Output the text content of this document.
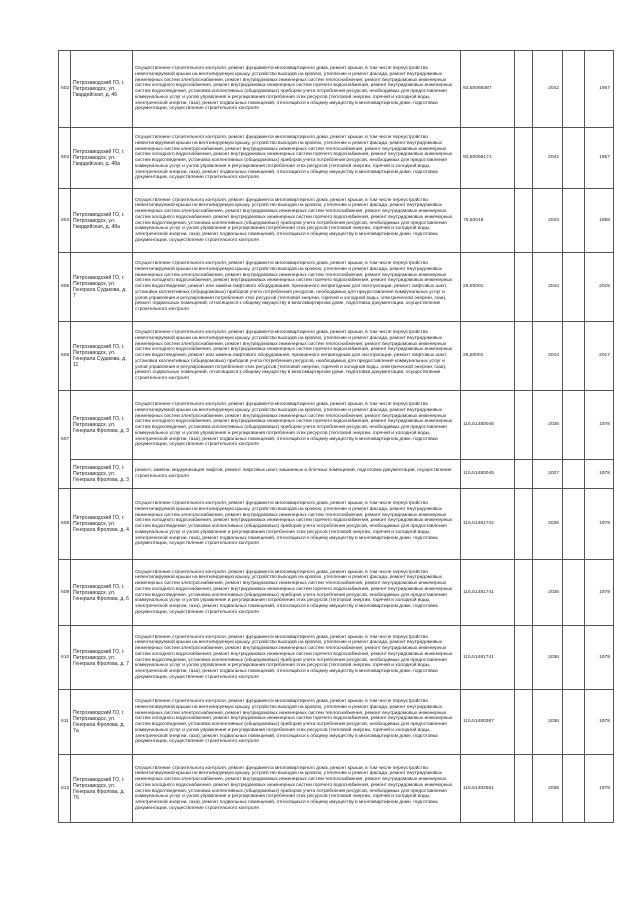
602	Петрозаводский ГО, г. Петрозаводск, ул. Гвардейская, д. 46	Осуществление строительного контроля, ремонт фундамента многоквартирного дома, ремонт крыши, в том числе переустройство невентилируемой крыши на вентилируемую крышу, устройство выходов на кровлю, утепление и ремонт фасада, ремонт внутридомовых инженерных систем электроснабжения, ремонт внутридомовых инженерных систем теплоснабжения, ремонт внутридомовых инженерных систем холодного водоснабжения, ремонт внутридомовых инженерных систем горячего водоснабжения, ремонт внутридомовых инженерных систем водоотведения, установка коллективных (общедомовых) приборов учета потребления ресурсов, необходимых для предоставления коммунальных услуг и узлов управления и регулирования потребления этих ресурсов (тепловой энергии, горячей и холодной воды, электрической энергии, газа), ремонт подвальных помещений, относящихся к общему имуществу в многоквартирном доме, подготовка документации, осуществление строительного контроля	93,50069387		2042		1957
603	Петрозаводский ГО, г. Петрозаводск, ул. Гвардейская, д. 48а	Осуществление строительного контроля, ремонт фундамента многоквартирного дома, ремонт крыши, в том числе переустройство невентилируемой крыши на вентилируемую крышу, устройство выходов на кровлю, утепление и ремонт фасада, ремонт внутридомовых инженерных систем электроснабжения, ремонт внутридомовых инженерных систем теплоснабжения, ремонт внутридомовых инженерных систем холодного водоснабжения, ремонт внутридомовых инженерных систем горячего водоснабжения, ремонт внутридомовых инженерных систем водоотведения, установка коллективных (общедомовых) приборов учета потребления ресурсов, необходимых для предоставления коммунальных услуг и узлов управления и регулирования потребления этих ресурсов (тепловой энергии, горячей и холодной воды, электрической энергии, газа), ремонт подвальных помещений, относящихся к общему имуществу в многоквартирном доме, подготовка документации, осуществление строительного контроля	93,50068171		2042		1957
604	Петрозаводский ГО, г. Петрозаводск, ул. Гвардейская, д. 48а	Осуществление строительного контроля, ремонт фундамента многоквартирного дома, ремонт крыши, в том числе переустройство невентилируемой крыши на вентилируемую крышу, устройство выходов на кровлю, утепление и ремонт фасада, ремонт внутридомовых инженерных систем электроснабжения, ремонт внутридомовых инженерных систем теплоснабжения, ремонт внутридомовых инженерных систем холодного водоснабжения, ремонт внутридомовых инженерных систем горячего водоснабжения, ремонт внутридомовых инженерных систем водоотведения, установка коллективных (общедомовых) приборов учета потребления ресурсов, необходимых для предоставления коммунальных услуг и узлов управления и регулирования потребления этих ресурсов (тепловой энергии, горячей и холодной воды, электрической энергии, газа), ремонт подвальных помещений, относящихся к общему имуществу в многоквартирном доме, подготовка документации, осуществление строительного контроля	75,50018		2043		1958
605	Петрозаводский ГО, г. Петрозаводск, ул. Генерала Судакова, д. 7	Осуществление строительного контроля, ремонт фундамента многоквартирного дома, ремонт крыши, в том числе переустройство невентилируемой крыши на вентилируемую крышу, устройство выходов на кровлю, утепление и ремонт фасада, ремонт внутридомовых инженерных систем электроснабжения, ремонт внутридомовых инженерных систем теплоснабжения, ремонт внутридомовых инженерных систем холодного водоснабжения, ремонт внутридомовых инженерных систем горячего водоснабжения, ремонт внутридомовых инженерных систем водоотведения, ремонт или замена лифтового оборудования, признанного непригодным для эксплуатации, ремонт лифтовых шахт, установка коллективных (общедомовых) приборов учета потребления ресурсов, необходимых для предоставления коммунальных услуг и узлов управления и регулирования потребления этих ресурсов (тепловой энергии, горячей и холодной воды, электрической энергии, газа), ремонт подвальных помещений, относящихся к общему имуществу в многоквартирном доме, подготовка документации, осуществление строительного контроля	26,50001		2044		2015
606	Петрозаводский ГО, г. Петрозаводск, ул. Генерала Судакова, д. 11	Осуществление строительного контроля, ремонт фундамента многоквартирного дома, ремонт крыши, в том числе переустройство невентилируемой крыши на вентилируемую крышу, устройство выходов на кровлю, утепление и ремонт фасада, ремонт внутридомовых инженерных систем электроснабжения, ремонт внутридомовых инженерных систем теплоснабжения, ремонт внутридомовых инженерных систем холодного водоснабжения, ремонт внутридомовых инженерных систем горячего водоснабжения, ремонт внутридомовых инженерных систем водоотведения, ремонт или замена лифтового оборудования, признанного непригодным для эксплуатации, ремонт лифтовых шахт, установка коллективных (общедомовых) приборов учета потребления ресурсов, необходимых для предоставления коммунальных услуг и узлов управления и регулирования потребления этих ресурсов (тепловой энергии, горячей и холодной воды, электрической энергии, газа), ремонт подвальных помещений, относящихся к общему имуществу в многоквартирном доме, подготовка документации, осуществление строительного контроля	26,50001		2044		2017
607	Петрозаводский ГО, г. Петрозаводск, ул. Генерала Фролова, д. 3	Осуществление строительного контроля, ремонт фундамента многоквартирного дома, ремонт крыши, в том числе переустройство невентилируемой крыши на вентилируемую крышу, устройство выходов на кровлю, утепление и ремонт фасада, ремонт внутридомовых инженерных систем электроснабжения, ремонт внутридомовых инженерных систем теплоснабжения, ремонт внутридомовых инженерных систем холодного водоснабжения, ремонт внутридомовых инженерных систем горячего водоснабжения, ремонт внутридомовых инженерных систем водоотведения, установка коллективных (общедомовых) приборов учета потребления ресурсов, необходимых для предоставления коммунальных услуг и узлов управления и регулирования потребления этих ресурсов (тепловой энергии, горячей и холодной воды, электрической энергии, газа), ремонт подвальных помещений, относящихся к общему имуществу в многоквартирном доме, подготовка документации, осуществление строительного контроля	115,51480045		2035		1978
	Петрозаводский ГО, г. Петрозаводск, ул. Генерала Фролова, д. 3	ремонт, замена, модернизация лифтов, ремонт лифтовых шахт, машинных и блочных помещений, подготовка документации, осуществление строительного контроля	115,51480045		2027		1978
608	Петрозаводский ГО, г. Петрозаводск, ул. Генерала Фролова, д. 4	Осуществление строительного контроля, ремонт фундамента многоквартирного дома, ремонт крыши, в том числе переустройство невентилируемой крыши на вентилируемую крышу, устройство выходов на кровлю, утепление и ремонт фасада, ремонт внутридомовых инженерных систем электроснабжения, ремонт внутридомовых инженерных систем теплоснабжения, ремонт внутридомовых инженерных систем холодного водоснабжения, ремонт внутридомовых инженерных систем горячего водоснабжения, ремонт внутридомовых инженерных систем водоотведения, установка коллективных (общедомовых) приборов учета потребления ресурсов, необходимых для предоставления коммунальных услуг и узлов управления и регулирования потребления этих ресурсов (тепловой энергии, горячей и холодной воды, электрической энергии, газа), ремонт подвальных помещений, относящихся к общему имуществу в многоквартирном доме, подготовка документации, осуществление строительного контроля	115,51481742		2036		1979
609	Петрозаводский ГО, г. Петрозаводск, ул. Генерала Фролова, д. 6	Осуществление строительного контроля, ремонт фундамента многоквартирного дома, ремонт крыши, в том числе переустройство невентилируемой крыши на вентилируемую крышу, устройство выходов на кровлю, утепление и ремонт фасада, ремонт внутридомовых инженерных систем электроснабжения, ремонт внутридомовых инженерных систем теплоснабжения, ремонт внутридомовых инженерных систем холодного водоснабжения, ремонт внутридомовых инженерных систем горячего водоснабжения, ремонт внутридомовых инженерных систем водоотведения, установка коллективных (общедомовых) приборов учета потребления ресурсов, необходимых для предоставления коммунальных услуг и узлов управления и регулирования потребления этих ресурсов (тепловой энергии, горячей и холодной воды, электрической энергии, газа), ремонт подвальных помещений, относящихся к общему имуществу в многоквартирном доме, подготовка документации, осуществление строительного контроля	115,51481741		2035		1979
610	Петрозаводский ГО, г. Петрозаводск, ул. Генерала Фролова, д. 7	Осуществление строительного контроля, ремонт фундамента многоквартирного дома, ремонт крыши, в том числе переустройство невентилируемой крыши на вентилируемую крышу, устройство выходов на кровлю, утепление и ремонт фасада, ремонт внутридомовых инженерных систем электроснабжения, ремонт внутридомовых инженерных систем теплоснабжения, ремонт внутридомовых инженерных систем холодного водоснабжения, ремонт внутридомовых инженерных систем горячего водоснабжения, ремонт внутридомовых инженерных систем водоотведения, установка коллективных (общедомовых) приборов учета потребления ресурсов, необходимых для предоставления коммунальных услуг и узлов управления и регулирования потребления этих ресурсов (тепловой энергии, горячей и холодной воды, электрической энергии, газа), ремонт подвальных помещений, относящихся к общему имуществу в многоквартирном доме, подготовка документации, осуществление строительного контроля	115,51481741		2036		1979
611	Петрозаводский ГО, г. Петрозаводск, ул. Генерала Фролова, д. 7а	Осуществление строительного контроля, ремонт фундамента многоквартирного дома, ремонт крыши, в том числе переустройство невентилируемой крыши на вентилируемую крышу, устройство выходов на кровлю, утепление и ремонт фасада, ремонт внутридомовых инженерных систем электроснабжения, ремонт внутридомовых инженерных систем теплоснабжения, ремонт внутридомовых инженерных систем холодного водоснабжения, ремонт внутридомовых инженерных систем горячего водоснабжения, ремонт внутридомовых инженерных систем водоотведения, установка коллективных (общедомовых) приборов учета потребления ресурсов, необходимых для предоставления коммунальных услуг и узлов управления и регулирования потребления этих ресурсов (тепловой энергии, горячей и холодной воды, электрической энергии, газа), ремонт подвальных помещений, относящихся к общему имуществу в многоквартирном доме, подготовка документации, осуществление строительного контроля	115,51480387		2036		1978
612	Петрозаводский ГО, г. Петрозаводск, ул. Генерала Фролова, д. 7б	Осуществление строительного контроля, ремонт фундамента многоквартирного дома, ремонт крыши, в том числе переустройство невентилируемой крыши на вентилируемую крышу, устройство выходов на кровлю, утепление и ремонт фасада, ремонт внутридомовых инженерных систем электроснабжения, ремонт внутридомовых инженерных систем теплоснабжения, ремонт внутридомовых инженерных систем холодного водоснабжения, ремонт внутридомовых инженерных систем горячего водоснабжения, ремонт внутридомовых инженерных систем водоотведения, установка коллективных (общедомовых) приборов учета потребления ресурсов, необходимых для предоставления коммунальных услуг и узлов управления и регулирования потребления этих ресурсов (тепловой энергии, горячей и холодной воды, электрической энергии, газа), ремонт подвальных помещений, относящихся к общему имуществу в многоквартирном доме, подготовка документации, осуществление строительного контроля	115,51482561		2035		1978
